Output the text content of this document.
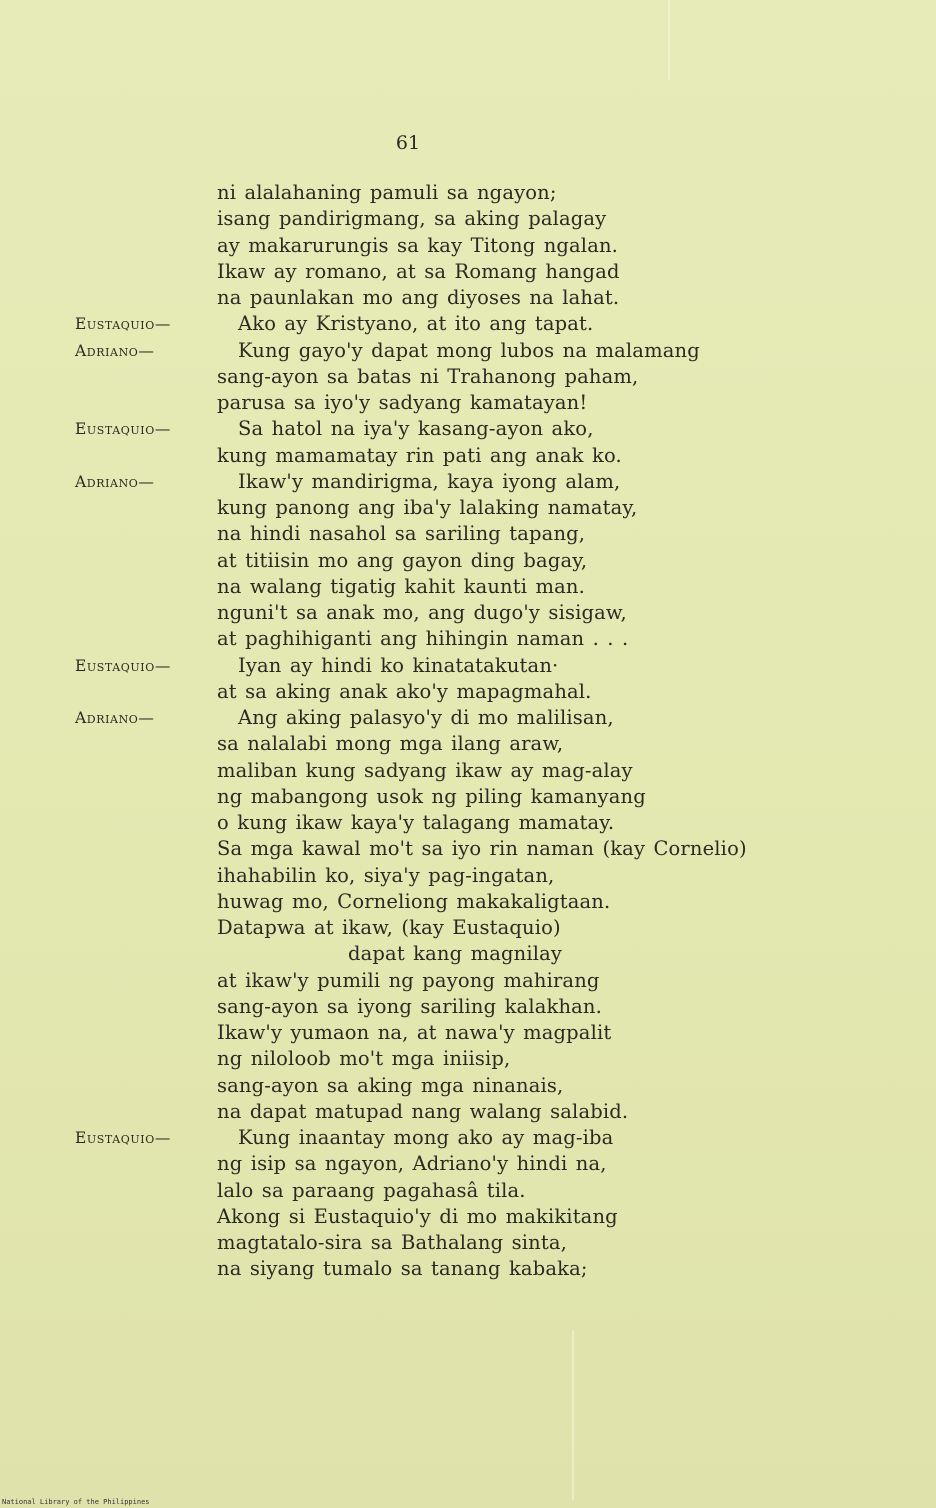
61
ni alalahaning pamuli sa ngayon;
isang pandirigmang, sa aking palagay
ay makarurungis sa kay Titong ngalan.
Ikaw ay romano, at sa Romang hangad
na paunlakan mo ang diyoses na lahat.
Eustaquio—	Ako ay Kristyano, at ito ang tapat.
Adriano—	Kung gayo'y dapat mong lubos na malamang
sang-ayon sa batas ni Trahanong paham,
parusa sa iyo'y sadyang kamatayan!
Eustaquio—	Sa hatol na iya'y kasang-ayon ako,
kung mamamatay rin pati ang anak ko.
Adriano—	Ikaw'y mandirigma, kaya iyong alam,
kung panong ang iba'y lalaking namatay,
na hindi nasahol sa sariling tapang,
at titiisin mo ang gayon ding bagay,
na walang tigatig kahit kaunti man.
nguni't sa anak mo, ang dugo'y sisigaw,
at paghihiganti ang hihingin naman . . .
Eustaquio—	Iyan ay hindi ko kinatatakutan·
at sa aking anak ako'y mapagmahal.
Adriano—	Ang aking palasyo'y di mo malilisan,
sa nalalabi mong mga ilang araw,
maliban kung sadyang ikaw ay mag-alay
ng mabangong usok ng piling kamanyang
o kung ikaw kaya'y talagang mamatay.
Sa mga kawal mo't sa iyo rin naman (kay Cornelio)
ihahabilin ko, siya'y pag-ingatan,
huwag mo, Corneliong makakaligtaan.
Datapwa at ikaw, (kay Eustaquio)
dapat kang magnilay
at ikaw'y pumili ng payong mahirang
sang-ayon sa iyong sariling kalakhan.
Ikaw'y yumaon na, at nawa'y magpalit
ng niloloob mo't mga iniisip,
sang-ayon sa aking mga ninanais,
na dapat matupad nang walang salabid.
Eustaquio—	Kung inaantay mong ako ay mag-iba
ng isip sa ngayon, Adriano'y hindi na,
lalo sa paraang pagahasâ tila.
Akong si Eustaquio'y di mo makikitang
magtatalo-sira sa Bathalang sinta,
na siyang tumalo sa tanang kabaka;
National Library of the Philippines
